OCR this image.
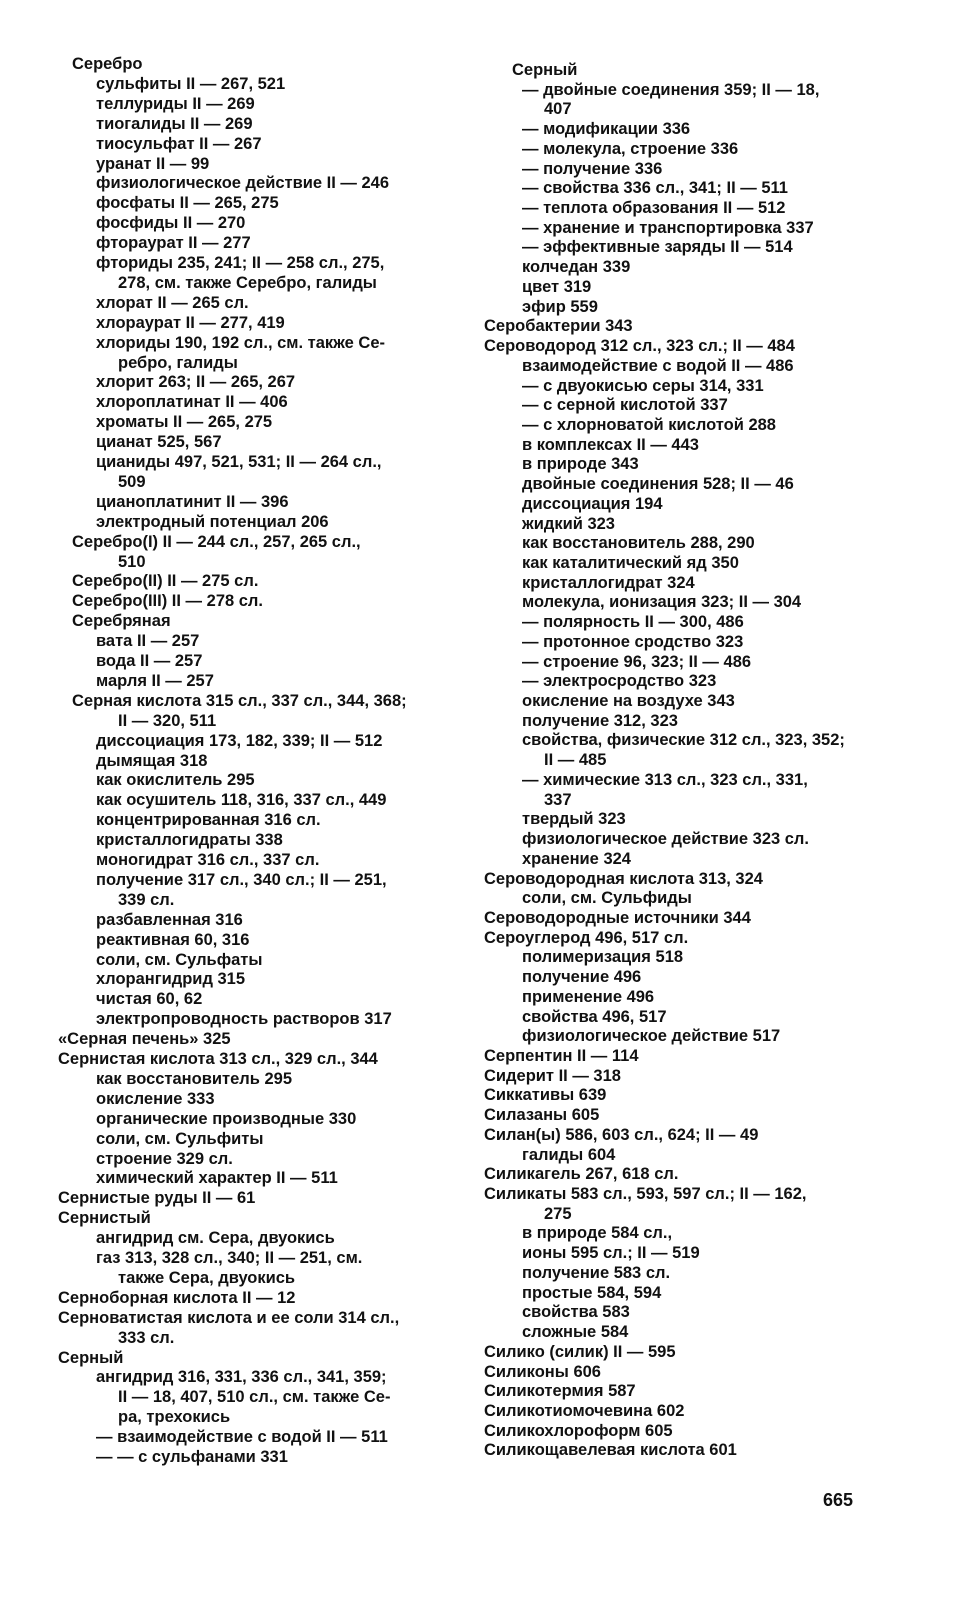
Серебро
сульфиты II — 267, 521
теллуриды II — 269
тиогалиды II — 269
тиосульфат II — 267
уранат II — 99
физиологическое действие II — 246
фосфаты II — 265, 275
фосфиды II — 270
фтораурат II — 277
фториды 235, 241; II — 258 сл., 275,
278, см. также Серебро, галиды
хлорат II — 265 сл.
хлораурат II — 277, 419
хлориды 190, 192 сл., см. также Се-
ребро, галиды
хлорит 263; II — 265, 267
хлороплатинат II — 406
хроматы II — 265, 275
цианат 525, 567
цианиды 497, 521, 531; II — 264 сл.,
509
цианоплатинит II — 396
электродный потенциал 206
Серебро(I) II — 244 сл., 257, 265 сл.,
510
Серебро(II) II — 275 сл.
Серебро(III) II — 278 сл.
Серебряная
вата II — 257
вода II — 257
марля II — 257
Серная кислота 315 сл., 337 сл., 344, 368;
II — 320, 511
диссоциация 173, 182, 339; II — 512
дымящая 318
как окислитель 295
как осушитель 118, 316, 337 сл., 449
концентрированная 316 сл.
кристаллогидраты 338
моногидрат 316 сл., 337 сл.
получение 317 сл., 340 сл.; II — 251,
339 сл.
разбавленная 316
реактивная 60, 316
соли, см. Сульфаты
хлорангидрид 315
чистая 60, 62
электропроводность растворов 317
«Серная печень» 325
Сернистая кислота 313 сл., 329 сл., 344
как восстановитель 295
окисление 333
органические производные 330
соли, см. Сульфиты
строение 329 сл.
химический характер II — 511
Сернистые руды II — 61
Сернистый
ангидрид см. Сера, двуокись
газ 313, 328 сл., 340; II — 251, см.
также Сера, двуокись
Серноборная кислота II — 12
Серноватистая кислота и ее соли 314 сл.,
333 сл.
Серный
ангидрид 316, 331, 336 сл., 341, 359;
II — 18, 407, 510 сл., см. также Се-
ра, трехокись
— взаимодействие с водой II — 511
— — с сульфанами 331
Серный
— двойные соединения 359; II — 18,
407
— модификации 336
— молекула, строение 336
— получение 336
— свойства 336 сл., 341; II — 511
— теплота образования II — 512
— хранение и транспортировка 337
— эффективные заряды II — 514
колчедан 339
цвет 319
эфир 559
Серобактерии 343
Сероводород 312 сл., 323 сл.; II — 484
взаимодействие с водой II — 486
— с двуокисью серы 314, 331
— с серной кислотой 337
— с хлорноватой кислотой 288
в комплексах II — 443
в природе 343
двойные соединения 528; II — 46
диссоциация 194
жидкий 323
как восстановитель 288, 290
как каталитический яд 350
кристаллогидрат 324
молекула, ионизация 323; II — 304
— полярность II — 300, 486
— протонное сродство 323
— строение 96, 323; II — 486
— электросродство 323
окисление на воздухе 343
получение 312, 323
свойства, физические 312 сл., 323, 352;
II — 485
— химические 313 сл., 323 сл., 331,
337
твердый 323
физиологическое действие 323 сл.
хранение 324
Сероводородная кислота 313, 324
соли, см. Сульфиды
Сероводородные источники 344
Сероуглерод 496, 517 сл.
полимеризация 518
получение 496
применение 496
свойства 496, 517
физиологическое действие 517
Серпентин II — 114
Сидерит II — 318
Сиккативы 639
Силазаны 605
Силан(ы) 586, 603 сл., 624; II — 49
галиды 604
Силикагель 267, 618 сл.
Силикаты 583 сл., 593, 597 сл.; II — 162,
275
в природе 584 сл.,
ионы 595 сл.; II — 519
получение 583 сл.
простые 584, 594
свойства 583
сложные 584
Силико (силик) II — 595
Силиконы 606
Силикотермия 587
Силикотиомочевина 602
Силикохлороформ 605
Силикощавелевая кислота 601
665
